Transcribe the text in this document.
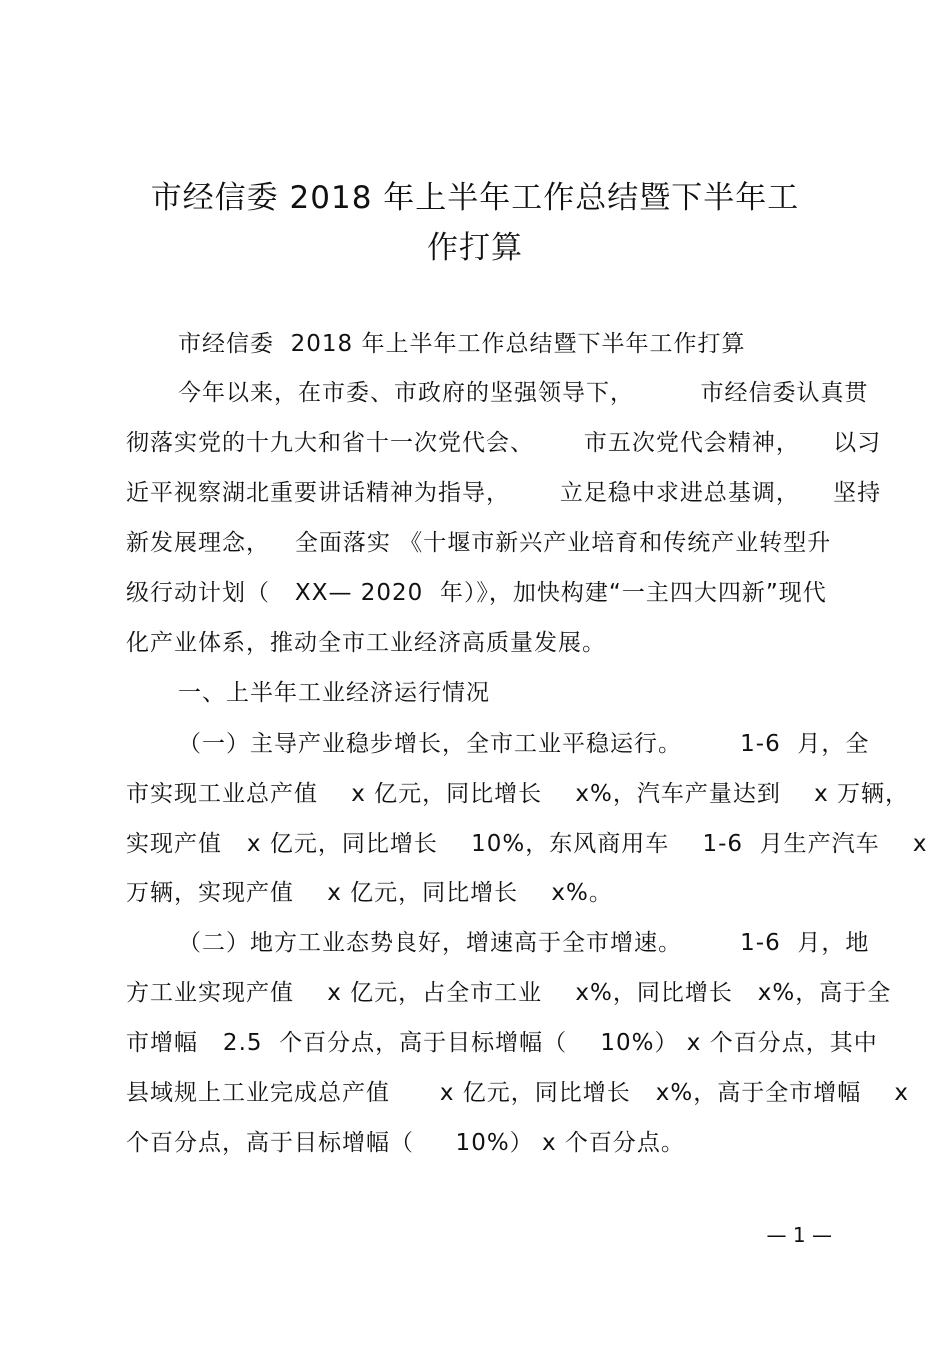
市经信委 2018 年上半年工作总结暨下半年工
作打算
市经信委  2018 年上半年工作总结暨下半年工作打算
今年以来，在市委、市政府的坚强领导下，        市经信委认真贯
彻落实党的十九大和省十一次党代会、      市五次党代会精神，    以习
近平视察湖北重要讲话精神为指导，      立足稳中求进总基调，    坚持
新发展理念，   全面落实 《十堰市新兴产业培育和传统产业转型升
级行动计划（   XX— 2020  年）》，加快构建“一主四大四新”现代
化产业体系，推动全市工业经济高质量发展。
一、上半年工业经济运行情况
（一）主导产业稳步增长，全市工业平稳运行。       1-6  月，全
市实现工业总产值    x 亿元，同比增长    x%，汽车产量达到    x 万辆，
实现产值   x 亿元，同比增长    10%，东风商用车    1-6  月生产汽车    x
万辆，实现产值    x 亿元，同比增长    x%。
（二）地方工业态势良好，增速高于全市增速。       1-6  月，地
方工业实现产值    x 亿元，占全市工业    x%，同比增长   x%，高于全
市增幅   2.5  个百分点，高于目标增幅（    10%） x 个百分点，其中
县域规上工业完成总产值      x 亿元，同比增长   x%，高于全市增幅    x
个百分点，高于目标增幅（     10%） x 个百分点。
— 1 —
